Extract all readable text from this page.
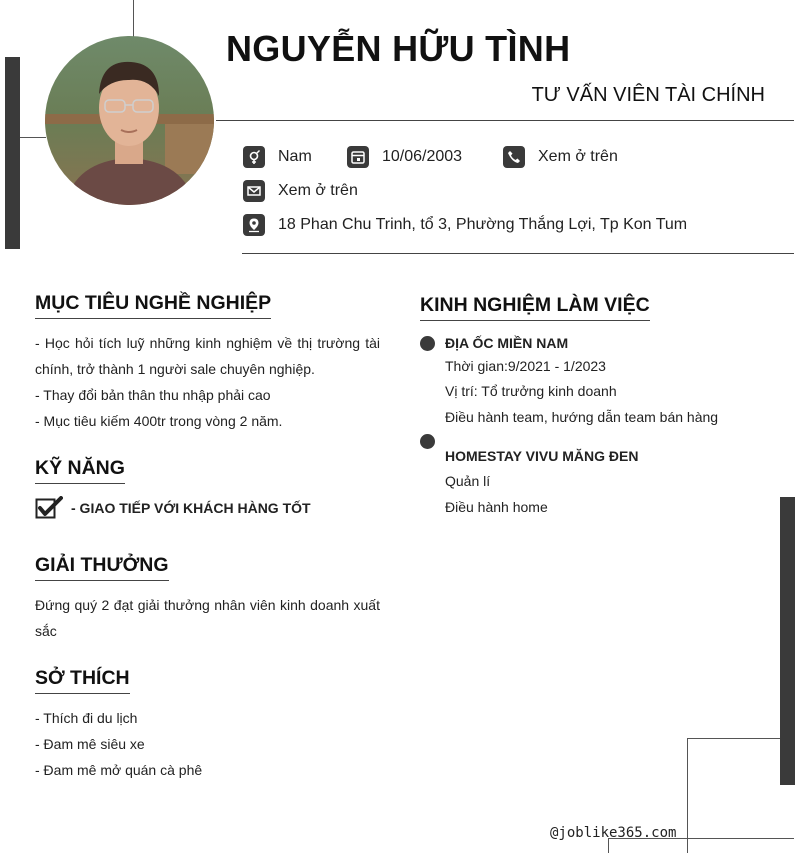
NGUYỄN HỮU TÌNH
TƯ VẤN VIÊN TÀI CHÍNH
Nam	10/06/2003	Xem ở trên
Xem ở trên
18 Phan Chu Trinh, tổ 3, Phường Thắng Lợi, Tp Kon Tum
MỤC TIÊU NGHỀ NGHIỆP
- Học hỏi tích luỹ những kinh nghiệm về thị trường tài
chính, trở thành 1 người sale chuyên nghiệp.
- Thay đổi bản thân thu nhập phải cao
- Mục tiêu kiếm 400tr trong vòng 2 năm.
KỸ NĂNG
- GIAO TIẾP VỚI KHÁCH HÀNG TỐT
GIẢI THƯỞNG
Đứng quý 2 đạt giải thưởng nhân viên kinh doanh xuất
sắc
SỞ THÍCH
- Thích đi du lịch
- Đam mê siêu xe
- Đam mê mở quán cà phê
KINH NGHIỆM LÀM VIỆC
ĐỊA ỐC MIỀN NAM
Thời gian:9/2021 - 1/2023
Vị trí: Tổ trưởng kinh doanh
Điều hành team, hướng dẫn team bán hàng
HOMESTAY VIVU MĂNG ĐEN
Quản lí
Điều hành home
@joblike365.com
